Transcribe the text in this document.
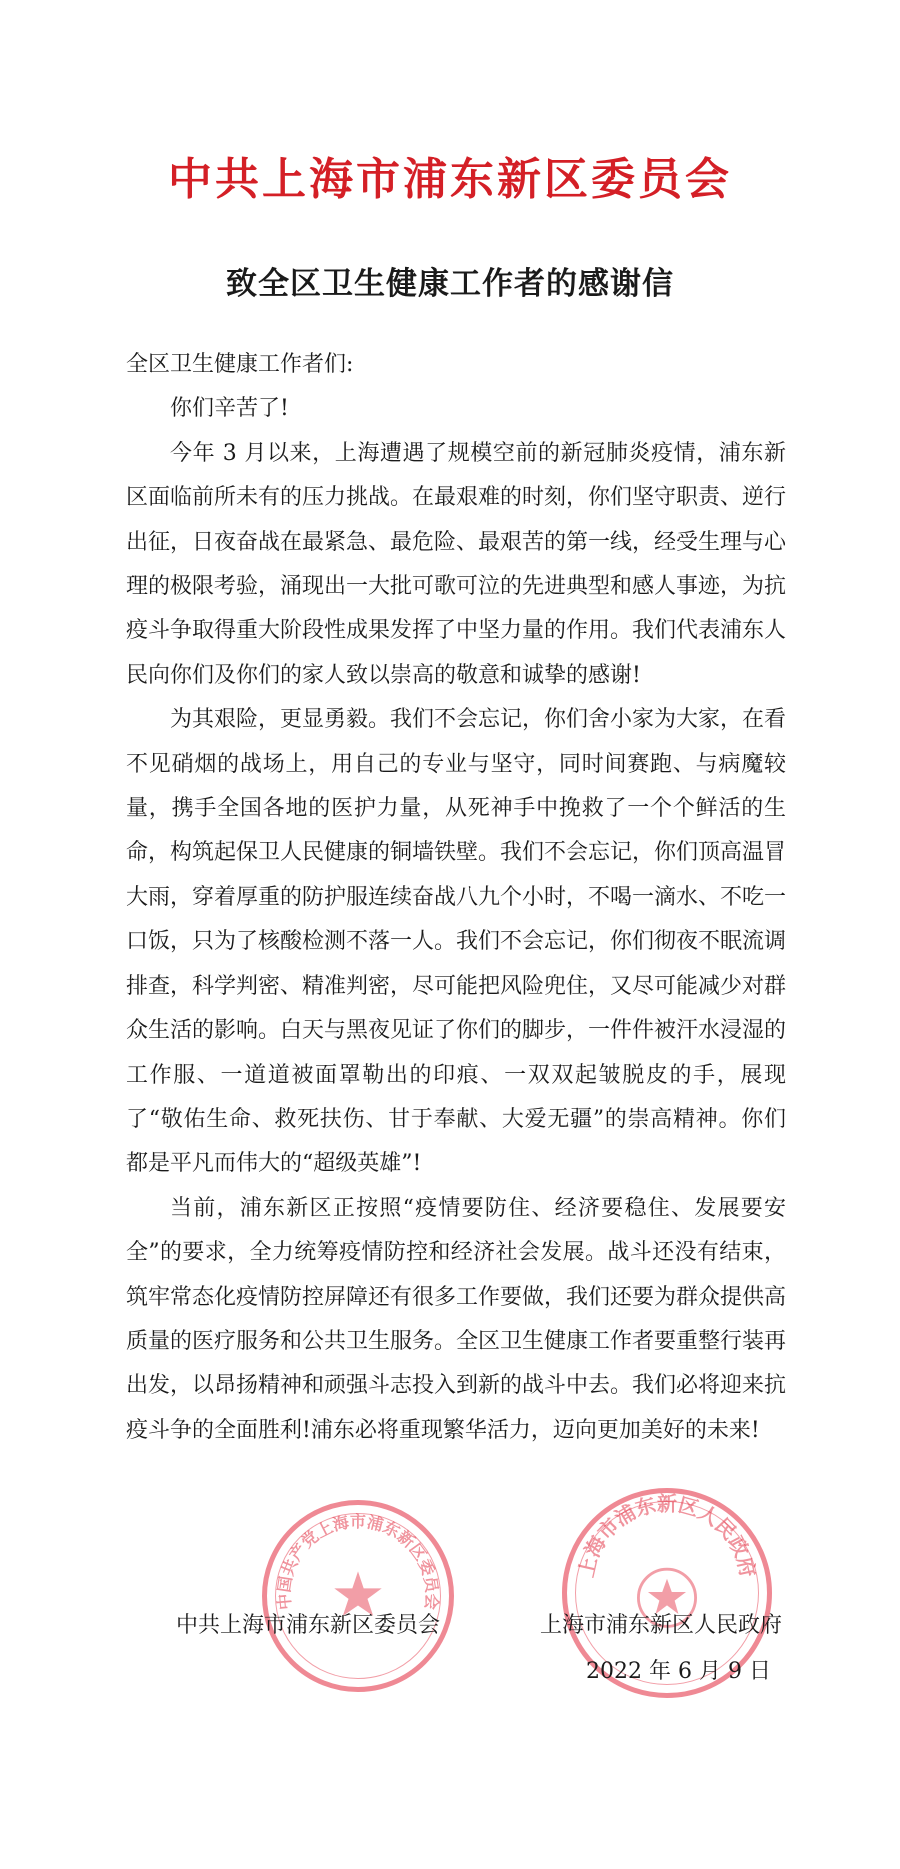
中共上海市浦东新区委员会
致全区卫生健康工作者的感谢信

全区卫生健康工作者们:

你们辛苦了!

今年 3 月以来，上海遭遇了规模空前的新冠肺炎疫情，浦东新区面临前所未有的压力挑战。在最艰难的时刻，你们坚守职责、逆行出征，日夜奋战在最紧急、最危险、最艰苦的第一线，经受生理与心理的极限考验，涌现出一大批可歌可泣的先进典型和感人事迹，为抗疫斗争取得重大阶段性成果发挥了中坚力量的作用。我们代表浦东人民向你们及你们的家人致以崇高的敬意和诚挚的感谢!

为其艰险，更显勇毅。我们不会忘记，你们舍小家为大家，在看不见硝烟的战场上，用自己的专业与坚守，同时间赛跑、与病魔较量，携手全国各地的医护力量，从死神手中挽救了一个个鲜活的生命，构筑起保卫人民健康的铜墙铁壁。我们不会忘记，你们顶高温冒大雨，穿着厚重的防护服连续奋战八九个小时，不喝一滴水、不吃一口饭，只为了核酸检测不落一人。我们不会忘记，你们彻夜不眠流调排查，科学判密、精准判密，尽可能把风险兜住，又尽可能减少对群众生活的影响。白天与黑夜见证了你们的脚步，一件件被汗水浸湿的工作服、一道道被面罩勒出的印痕、一双双起皱脱皮的手，展现了“敬佑生命、救死扶伤、甘于奉献、大爱无疆”的崇高精神。你们都是平凡而伟大的“超级英雄”!

当前，浦东新区正按照“疫情要防住、经济要稳住、发展要安全”的要求，全力统筹疫情防控和经济社会发展。战斗还没有结束，筑牢常态化疫情防控屏障还有很多工作要做，我们还要为群众提供高质量的医疗服务和公共卫生服务。全区卫生健康工作者要重整行装再出发，以昂扬精神和顽强斗志投入到新的战斗中去。我们必将迎来抗疫斗争的全面胜利!浦东必将重现繁华活力，迈向更加美好的未来!

中国共产党上海市浦东新区委员会
上海市浦东新区人民政府
中共上海市浦东新区委员会	上海市浦东新区人民政府
2022 年 6 月 9 日
